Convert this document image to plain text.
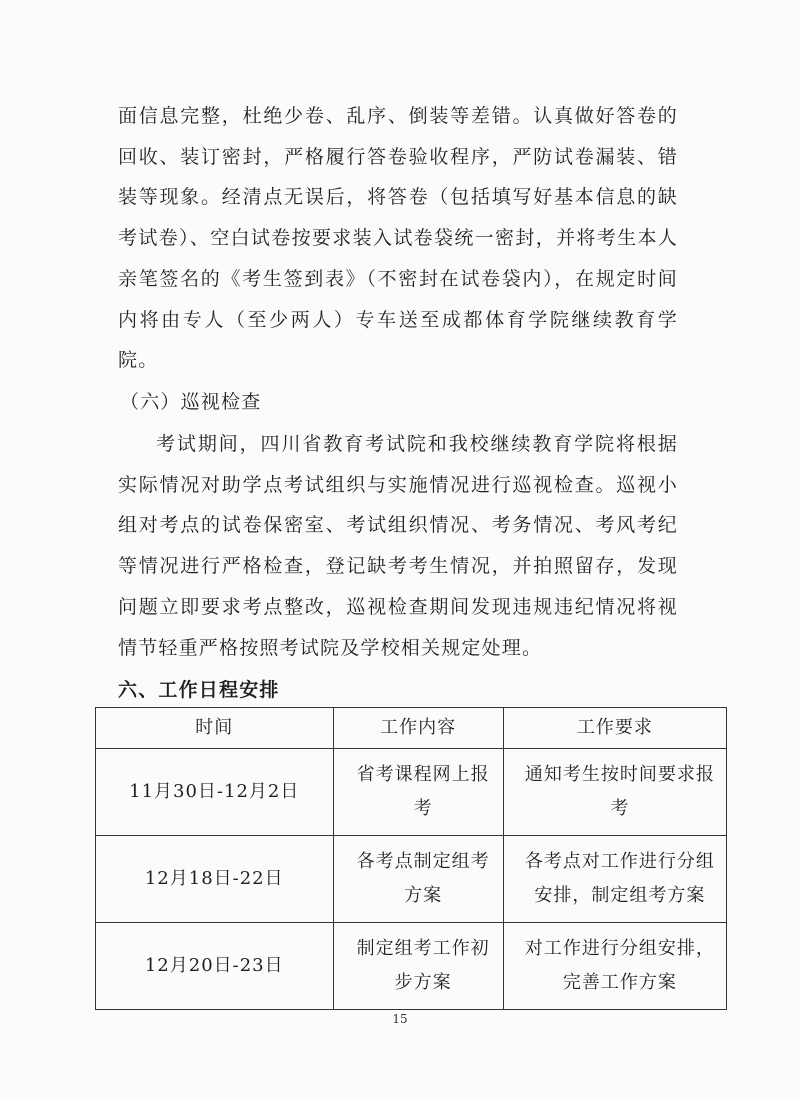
面信息完整，杜绝少卷、乱序、倒装等差错。认真做好答卷的回收、装订密封，严格履行答卷验收程序，严防试卷漏装、错装等现象。经清点无误后，将答卷（包括填写好基本信息的缺考试卷）、空白试卷按要求装入试卷袋统一密封，并将考生本人亲笔签名的《考生签到表》（不密封在试卷袋内），在规定时间内将由专人（至少两人）专车送至成都体育学院继续教育学院。

（六）巡视检查

考试期间，四川省教育考试院和我校继续教育学院将根据实际情况对助学点考试组织与实施情况进行巡视检查。巡视小组对考点的试卷保密室、考试组织情况、考务情况、考风考纪等情况进行严格检查，登记缺考考生情况，并拍照留存，发现问题立即要求考点整改，巡视检查期间发现违规违纪情况将视情节轻重严格按照考试院及学校相关规定处理。

六、工作日程安排

时间	工作内容	工作要求
11月30日-12月2日	省考课程网上报考	通知考生按时间要求报考
12月18日-22日	各考点制定组考方案	各考点对工作进行分组安排，制定组考方案
12月20日-23日	制定组考工作初步方案	对工作进行分组安排，完善工作方案
15
